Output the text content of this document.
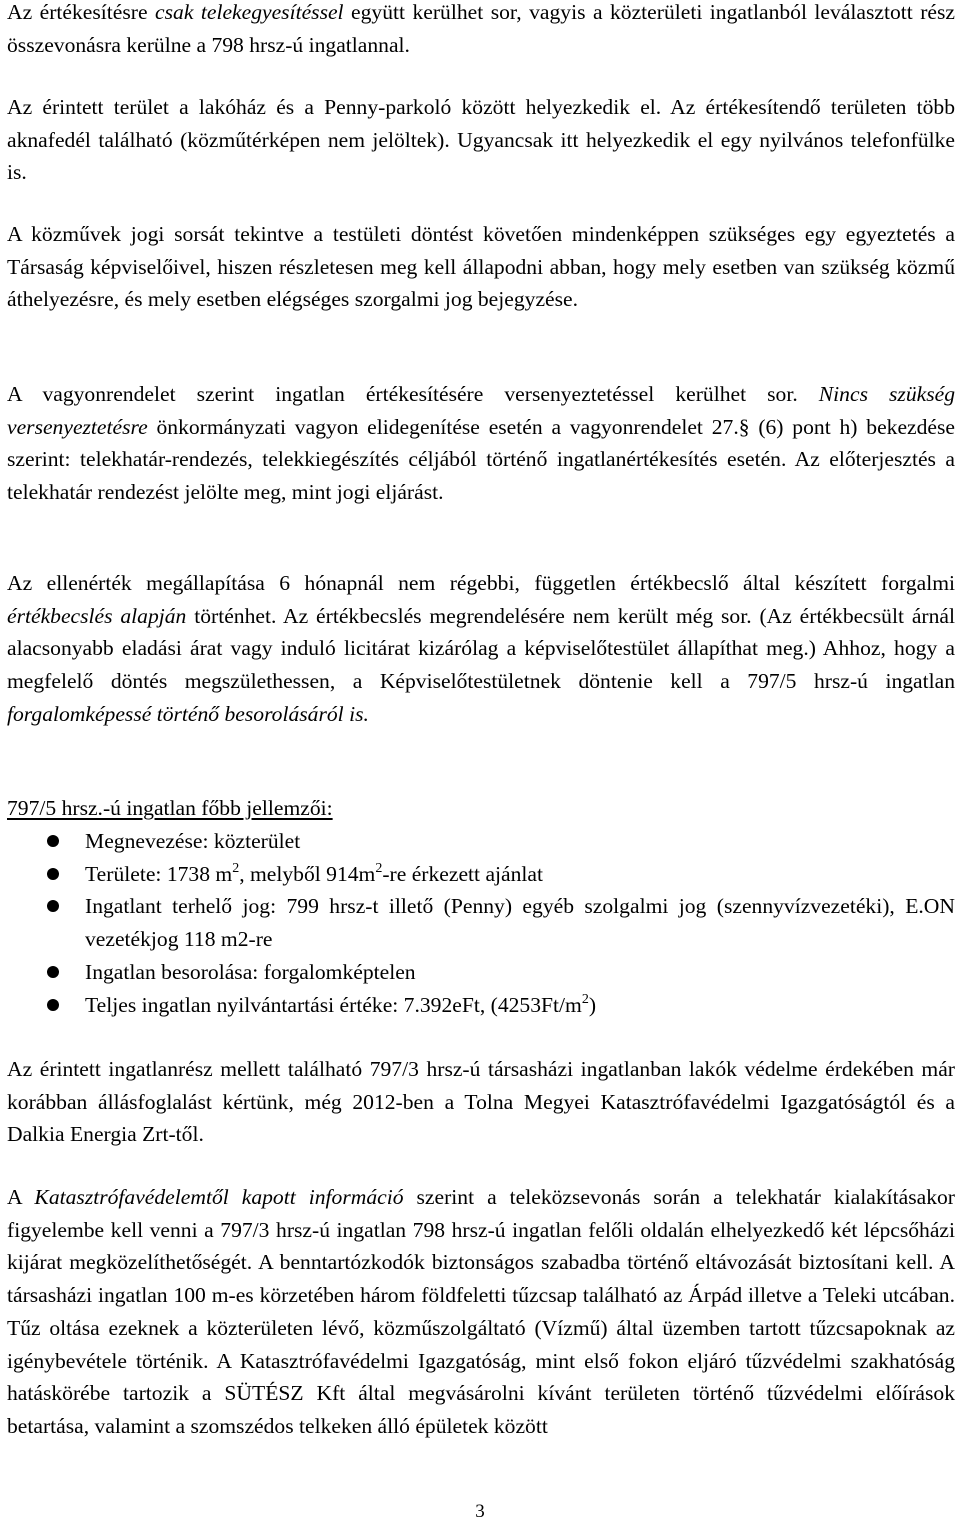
Az értékesítésre csak telekegyesítéssel együtt kerülhet sor, vagyis a közterületi ingatlanból leválasztott rész összevonásra kerülne a 798 hrsz-ú ingatlannal.

Az érintett terület a lakóház és a Penny-parkoló között helyezkedik el. Az értékesítendő területen több aknafedél található (közműtérképen nem jelöltek). Ugyancsak itt helyezkedik el egy nyilvános telefonfülke is.

A közművek jogi sorsát tekintve a testületi döntést követően mindenképpen szükséges egy egyeztetés a Társaság képviselőivel, hiszen részletesen meg kell állapodni abban, hogy mely esetben van szükség közmű áthelyezésre, és mely esetben elégséges szorgalmi jog bejegyzése.

A vagyonrendelet szerint ingatlan értékesítésére versenyeztetéssel kerülhet sor. Nincs szükség versenyeztetésre önkormányzati vagyon elidegenítése esetén a vagyonrendelet 27.§ (6) pont h) bekezdése szerint: telekhatár-rendezés, telekkiegészítés céljából történő ingatlanértékesítés esetén. Az előterjesztés a telekhatár rendezést jelölte meg, mint jogi eljárást.

Az ellenérték megállapítása 6 hónapnál nem régebbi, független értékbecslő által készített forgalmi értékbecslés alapján történhet. Az értékbecslés megrendelésére nem került még sor. (Az értékbecsült árnál alacsonyabb eladási árat vagy induló licitárat kizárólag a képviselőtestület állapíthat meg.) Ahhoz, hogy a megfelelő döntés megszülethessen, a Képviselőtestületnek döntenie kell a 797/5 hrsz-ú ingatlan forgalomképessé történő besorolásáról is.

797/5 hrsz.-ú ingatlan főbb jellemzői:

Megnevezése: közterület
Területe: 1738 $m^2$, melyből $914m^2-re$ érkezett ajánlat
Ingatlant terhelő jog: 799 hrsz-t illető (Penny) egyéb szolgalmi jog (szennyvízvezetéki), E.ON vezetékjog 118 m2-re
Ingatlan besorolása: forgalomképtelen
Teljes ingatlan nyilvántartási értéke: 7.392eFt, $(4253Ft/m^2)$

Az érintett ingatlanrész mellett található 797/3 hrsz-ú társasházi ingatlanban lakók védelme érdekében már korábban állásfoglalást kértünk, még 2012-ben a Tolna Megyei Katasztrófavédelmi Igazgatóságtól és a Dalkia Energia Zrt-től.

A Katasztrófavédelemtől kapott információ szerint a teleközsevonás során a telekhatár kialakításakor figyelembe kell venni a 797/3 hrsz-ú ingatlan 798 hrsz-ú ingatlan felőli oldalán elhelyezkedő két lépcsőházi kijárat megközelíthetőségét. A benntartózkodók biztonságos szabadba történő eltávozását biztosítani kell. A társasházi ingatlan 100 m-es körzetében három földfeletti tűzcsap található az Árpád illetve a Teleki utcában. Tűz oltása ezeknek a közterületen lévő, közműszolgáltató (Vízmű) által üzemben tartott tűzcsapoknak az igénybevétele történik. A Katasztrófavédelmi Igazgatóság, mint első fokon eljáró tűzvédelmi szakhatóság hatáskörébe tartozik a SÜTÉSZ Kft által megvásárolni kívánt területen történő tűzvédelmi előírások betartása, valamint a szomszédos telkeken álló épületek között

3
